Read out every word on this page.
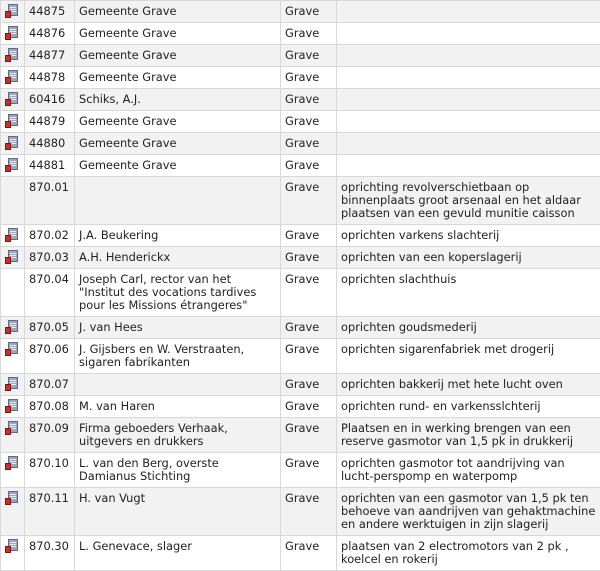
	44875	Gemeente Grave	Grave	

	44876	Gemeente Grave	Grave	

	44877	Gemeente Grave	Grave	

	44878	Gemeente Grave	Grave	

	60416	Schiks, A.J.	Grave	

	44879	Gemeente Grave	Grave	

	44880	Gemeente Grave	Grave	

	44881	Gemeente Grave	Grave	
	870.01		Grave	oprichting revolverschietbaan op binnenplaats groot arsenaal en het aldaar plaatsen van een gevuld munitie caisson

	870.02	J.A. Beukering	Grave	oprichten varkens slachterij

	870.03	A.H. Henderickx	Grave	oprichten van een koperslagerij
	870.04	Joseph Carl, rector van het "Institut des vocations tardives pour les Missions étrangeres"	Grave	oprichten slachthuis

	870.05	J. van Hees	Grave	oprichten goudsmederij

	870.06	J. Gijsbers en W. Verstraaten, sigaren fabrikanten	Grave	oprichten sigarenfabriek met drogerij

	870.07		Grave	oprichten bakkerij met hete lucht oven

	870.08	M. van Haren	Grave	oprichten rund- en varkensslchterij

	870.09	Firma geboeders Verhaak, uitgevers en drukkers	Grave	Plaatsen en in werking brengen van een reserve gasmotor van 1,5 pk in drukkerij

	870.10	L. van den Berg, overste Damianus Stichting	Grave	oprichten gasmotor tot aandrijving van lucht-perspomp en waterpomp

	870.11	H. van Vugt	Grave	oprichten van een gasmotor van 1,5 pk ten behoeve van aandrijven van gehaktmachine en andere werktuigen in zijn slagerij

	870.30	L. Genevace, slager	Grave	plaatsen van 2 electromotors van 2 pk , koelcel en rokerij
